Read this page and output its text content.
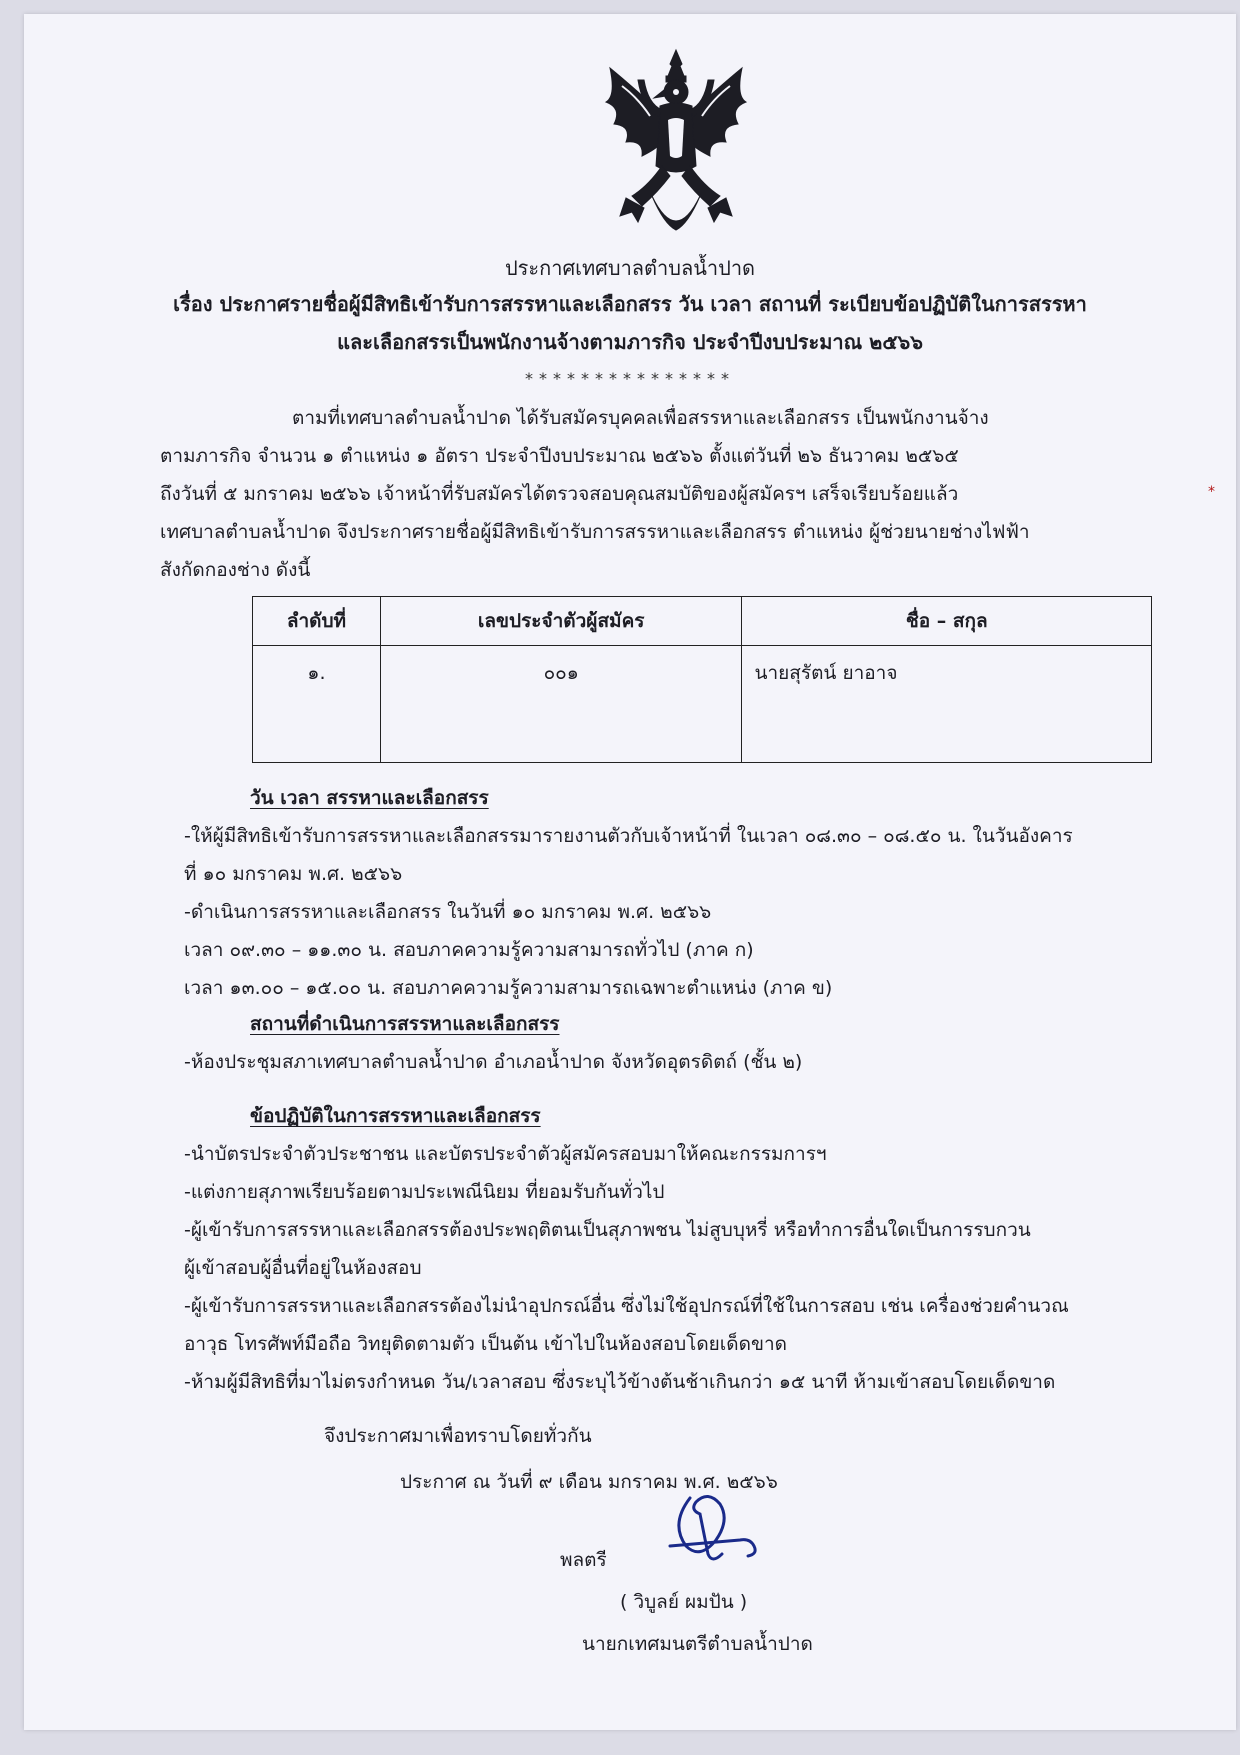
ประกาศเทศบาลตำบลน้ำปาด
เรื่อง ประกาศรายชื่อผู้มีสิทธิเข้ารับการสรรหาและเลือกสรร วัน เวลา สถานที่ ระเบียบข้อปฏิบัติในการสรรหา
และเลือกสรรเป็นพนักงานจ้างตามภารกิจ ประจำปีงบประมาณ ๒๕๖๖
***************
ตามที่เทศบาลตำบลน้ำปาด ได้รับสมัครบุคคลเพื่อสรรหาและเลือกสรร เป็นพนักงานจ้าง
ตามภารกิจ จำนวน ๑ ตำแหน่ง ๑ อัตรา ประจำปีงบประมาณ ๒๕๖๖ ตั้งแต่วันที่ ๒๖ ธันวาคม ๒๕๖๕
ถึงวันที่ ๕ มกราคม ๒๕๖๖ เจ้าหน้าที่รับสมัครได้ตรวจสอบคุณสมบัติของผู้สมัครฯ เสร็จเรียบร้อยแล้ว
เทศบาลตำบลน้ำปาด จึงประกาศรายชื่อผู้มีสิทธิเข้ารับการสรรหาและเลือกสรร ตำแหน่ง ผู้ช่วยนายช่างไฟฟ้า
สังกัดกองช่าง ดังนี้
ลำดับที่	เลขประจำตัวผู้สมัคร	ชื่อ – สกุล
๑.	๐๐๑	นายสุรัตน์ ยาอาจ
วัน เวลา สรรหาและเลือกสรร
-ให้ผู้มีสิทธิเข้ารับการสรรหาและเลือกสรรมารายงานตัวกับเจ้าหน้าที่ ในเวลา ๐๘.๓๐ – ๐๘.๕๐ น. ในวันอังคาร
ที่ ๑๐ มกราคม พ.ศ. ๒๕๖๖
-ดำเนินการสรรหาและเลือกสรร ในวันที่ ๑๐ มกราคม พ.ศ. ๒๕๖๖
เวลา ๐๙.๓๐ – ๑๑.๓๐ น. สอบภาคความรู้ความสามารถทั่วไป (ภาค ก)
เวลา ๑๓.๐๐ – ๑๕.๐๐ น. สอบภาคความรู้ความสามารถเฉพาะตำแหน่ง (ภาค ข)
สถานที่ดำเนินการสรรหาและเลือกสรร
-ห้องประชุมสภาเทศบาลตำบลน้ำปาด อำเภอน้ำปาด จังหวัดอุตรดิตถ์ (ชั้น ๒)
ข้อปฏิบัติในการสรรหาและเลือกสรร
-นำบัตรประจำตัวประชาชน และบัตรประจำตัวผู้สมัครสอบมาให้คณะกรรมการฯ
-แต่งกายสุภาพเรียบร้อยตามประเพณีนิยม ที่ยอมรับกันทั่วไป
-ผู้เข้ารับการสรรหาและเลือกสรรต้องประพฤติตนเป็นสุภาพชน ไม่สูบบุหรี่ หรือทำการอื่นใดเป็นการรบกวน
ผู้เข้าสอบผู้อื่นที่อยู่ในห้องสอบ
-ผู้เข้ารับการสรรหาและเลือกสรรต้องไม่นำอุปกรณ์อื่น ซึ่งไม่ใช้อุปกรณ์ที่ใช้ในการสอบ เช่น เครื่องช่วยคำนวณ
อาวุธ โทรศัพท์มือถือ วิทยุติดตามตัว เป็นต้น เข้าไปในห้องสอบโดยเด็ดขาด
-ห้ามผู้มีสิทธิที่มาไม่ตรงกำหนด วัน/เวลาสอบ ซึ่งระบุไว้ข้างต้นช้าเกินกว่า ๑๕ นาที ห้ามเข้าสอบโดยเด็ดขาด
จึงประกาศมาเพื่อทราบโดยทั่วกัน
ประกาศ ณ วันที่ ๙ เดือน มกราคม พ.ศ. ๒๕๖๖
พลตรี
( วิบูลย์ ผมปัน )
นายกเทศมนตรีตำบลน้ำปาด
*
